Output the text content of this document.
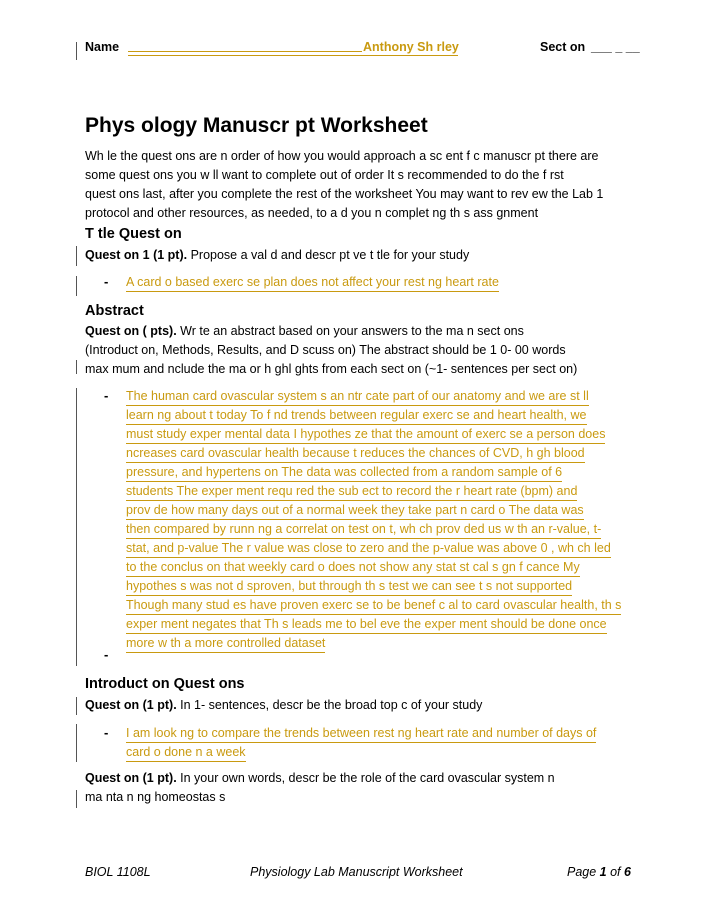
Name	Anthony Sh rley	Sect on ___ _ __
Phys ology Manuscr pt Worksheet
Wh le the quest ons are n order of how you would approach a sc ent f c manuscr pt there are
some quest ons you w ll want to complete out of order It s recommended to do the f rst
quest ons last, after you complete the rest of the worksheet You may want to rev ew the Lab 1
protocol and other resources, as needed, to a d you n complet ng th s ass gnment
T tle Quest on
Quest on 1 (1 pt). Propose a val d and descr pt ve t tle for your study
- A card o based exerc se plan does not affect your rest ng heart rate
Abstract
Quest on ( pts). Wr te an abstract based on your answers to the ma n sect ons
(Introduct on, Methods, Results, and D scuss on) The abstract should be 1 0- 00 words
max mum and nclude the ma or h ghl ghts from each sect on (~1- sentences per sect on)
- The human card ovascular system s an ntr cate part of our anatomy and we are st ll
learn ng about t today To f nd trends between regular exerc se and heart health, we
must study exper mental data I hypothes ze that the amount of exerc se a person does
ncreases card ovascular health because t reduces the chances of CVD, h gh blood
pressure, and hypertens on The data was collected from a random sample of 6
students The exper ment requ red the sub ect to record the r heart rate (bpm) and
prov de how many days out of a normal week they take part n card o The data was
then compared by runn ng a correlat on test on t, wh ch prov ded us w th an r-value, t-
stat, and p-value The r value was close to zero and the p-value was above 0 , wh ch led
to the conclus on that weekly card o does not show any stat st cal s gn f cance My
hypothes s was not d sproven, but through th s test we can see t s not supported
Though many stud es have proven exerc se to be benef c al to card ovascular health, th s
exper ment negates that Th s leads me to bel eve the exper ment should be done once
more w th a more controlled dataset
-
Introduct on Quest ons
Quest on (1 pt). In 1- sentences, descr be the broad top c of your study
- I am look ng to compare the trends between rest ng heart rate and number of days of
card o done n a week
Quest on (1 pt). In your own words, descr be the role of the card ovascular system n
ma nta n ng homeostas s
BIOL 1108L	Physiology Lab Manuscript Worksheet	Page 1 of 6
